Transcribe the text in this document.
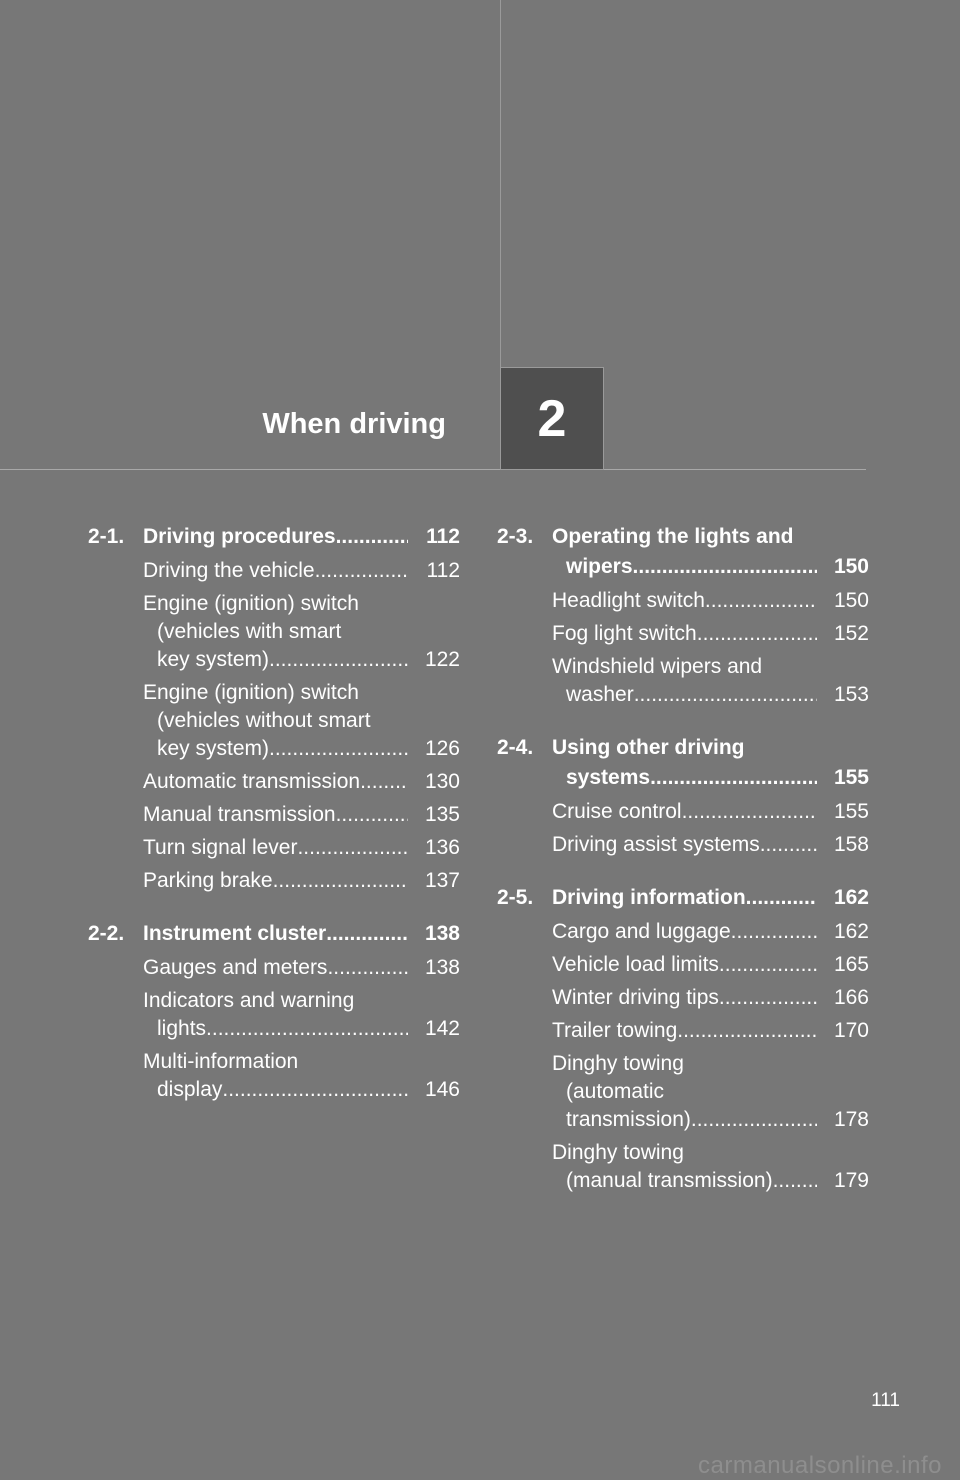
When driving 2
2-1. Driving procedures .....	112
Driving the vehicle .....	112
Engine (ignition) switch
(vehicles with smart
key system) .....	122
Engine (ignition) switch
(vehicles without smart
key system) .....	126
Automatic transmission .....	130
Manual transmission .....	135
Turn signal lever .....	136
Parking brake .....	137
2-2. Instrument cluster .....	138
Gauges and meters .....	138
Indicators and warning
lights .....	142
Multi-information
display .....	146
2-3. Operating the lights and
wipers .....	150
Headlight switch .....	150
Fog light switch .....	152
Windshield wipers and
washer .....	153
2-4. Using other driving
systems .....	155
Cruise control .....	155
Driving assist systems .....	158
2-5. Driving information .....	162
Cargo and luggage .....	162
Vehicle load limits .....	165
Winter driving tips .....	166
Trailer towing .....	170
Dinghy towing
(automatic
transmission) .....	178
Dinghy towing
(manual transmission) .....	179
111
carmanualsonline.info
